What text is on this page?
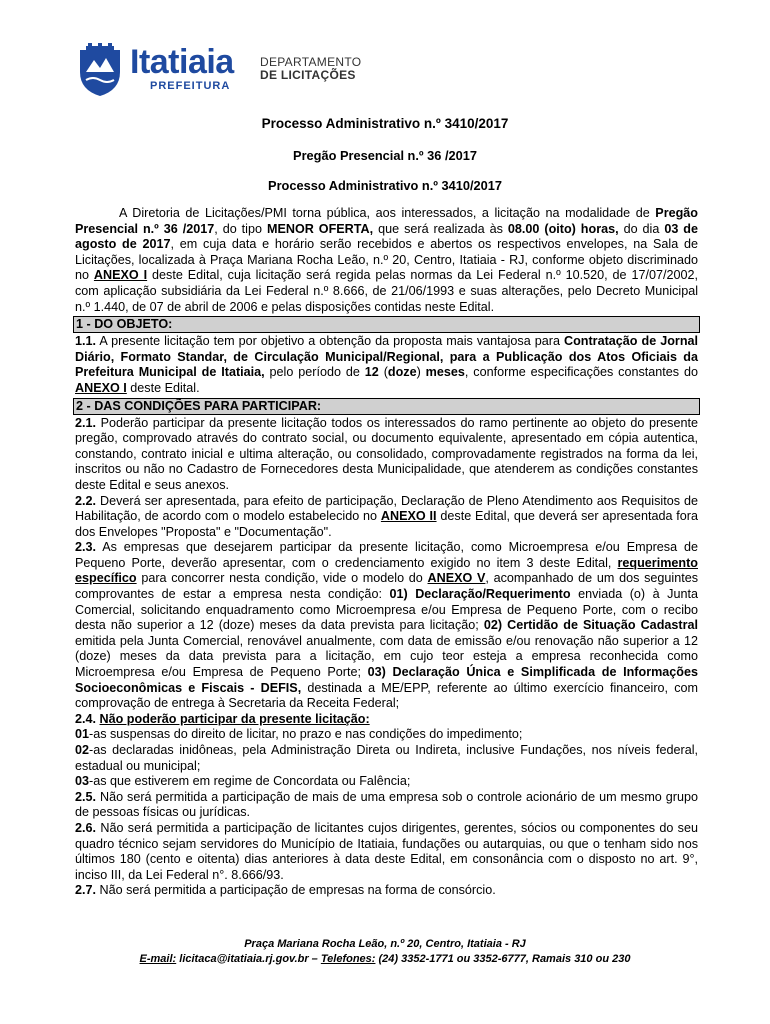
Itatiaia
PREFEITURA
DEPARTAMENTO
DE LICITAÇÕES
Processo Administrativo n.º 3410/2017
Pregão Presencial n.º 36 /2017
Processo Administrativo n.º 3410/2017

A Diretoria de Licitações/PMI torna pública, aos interessados, a licitação na modalidade de Pregão Presencial n.º 36 /2017, do tipo MENOR OFERTA, que será realizada às 08.00 (oito) horas, do dia 03 de agosto de 2017, em cuja data e horário serão recebidos e abertos os respectivos envelopes, na Sala de Licitações, localizada à Praça Mariana Rocha Leão, n.º 20, Centro, Itatiaia - RJ, conforme objeto discriminado no ANEXO I deste Edital, cuja licitação será regida pelas normas da Lei Federal n.º 10.520, de 17/07/2002, com aplicação subsidiária da Lei Federal n.º 8.666, de 21/06/1993 e suas alterações, pelo Decreto Municipal n.º 1.440, de 07 de abril de 2006 e pelas disposições contidas neste Edital.

1 - DO OBJETO:

1.1. A presente licitação tem por objetivo a obtenção da proposta mais vantajosa para Contratação de Jornal Diário, Formato Standar, de Circulação Municipal/Regional, para a Publicação dos Atos Oficiais da Prefeitura Municipal de Itatiaia, pelo período de 12 (doze) meses, conforme especificações constantes do ANEXO I deste Edital.

2 - DAS CONDIÇÕES PARA PARTICIPAR:

2.1. Poderão participar da presente licitação todos os interessados do ramo pertinente ao objeto do presente pregão, comprovado através do contrato social, ou documento equivalente, apresentado em cópia autentica, constando, contrato inicial e ultima alteração, ou consolidado, comprovadamente registrados na forma da lei, inscritos ou não no Cadastro de Fornecedores desta Municipalidade, que atenderem as condições constantes deste Edital e seus anexos.

2.2. Deverá ser apresentada, para efeito de participação, Declaração de Pleno Atendimento aos Requisitos de Habilitação, de acordo com o modelo estabelecido no ANEXO II deste Edital, que deverá ser apresentada fora dos Envelopes "Proposta" e "Documentação".

2.3. As empresas que desejarem participar da presente licitação, como Microempresa e/ou Empresa de Pequeno Porte, deverão apresentar, com o credenciamento exigido no item 3 deste Edital, requerimento específico para concorrer nesta condição, vide o modelo do ANEXO V, acompanhado de um dos seguintes comprovantes de estar a empresa nesta condição: 01) Declaração/Requerimento enviada (o) à Junta Comercial, solicitando enquadramento como Microempresa e/ou Empresa de Pequeno Porte, com o recibo desta não superior a 12 (doze) meses da data prevista para licitação; 02) Certidão de Situação Cadastral emitida pela Junta Comercial, renovável anualmente, com data de emissão e/ou renovação não superior a 12 (doze) meses da data prevista para a licitação, em cujo teor esteja a empresa reconhecida como Microempresa e/ou Empresa de Pequeno Porte; 03) Declaração Única e Simplificada de Informações Socioeconômicas e Fiscais - DEFIS, destinada a ME/EPP, referente ao último exercício financeiro, com comprovação de entrega à Secretaria da Receita Federal;

2.4. Não poderão participar da presente licitação:

01-as suspensas do direito de licitar, no prazo e nas condições do impedimento;

02-as declaradas inidôneas, pela Administração Direta ou Indireta, inclusive Fundações, nos níveis federal, estadual ou municipal;

03-as que estiverem em regime de Concordata ou Falência;

2.5. Não será permitida a participação de mais de uma empresa sob o controle acionário de um mesmo grupo de pessoas físicas ou jurídicas.

2.6. Não será permitida a participação de licitantes cujos dirigentes, gerentes, sócios ou componentes do seu quadro técnico sejam servidores do Município de Itatiaia, fundações ou autarquias, ou que o tenham sido nos últimos 180 (cento e oitenta) dias anteriores à data deste Edital, em consonância com o disposto no art. 9°, inciso III, da Lei Federal n°. 8.666/93.

2.7. Não será permitida a participação de empresas na forma de consórcio.

Praça Mariana Rocha Leão, n.º 20, Centro, Itatiaia - RJ
E-mail: licitaca@itatiaia.rj.gov.br – Telefones: (24) 3352-1771 ou 3352-6777, Ramais 310 ou 230
